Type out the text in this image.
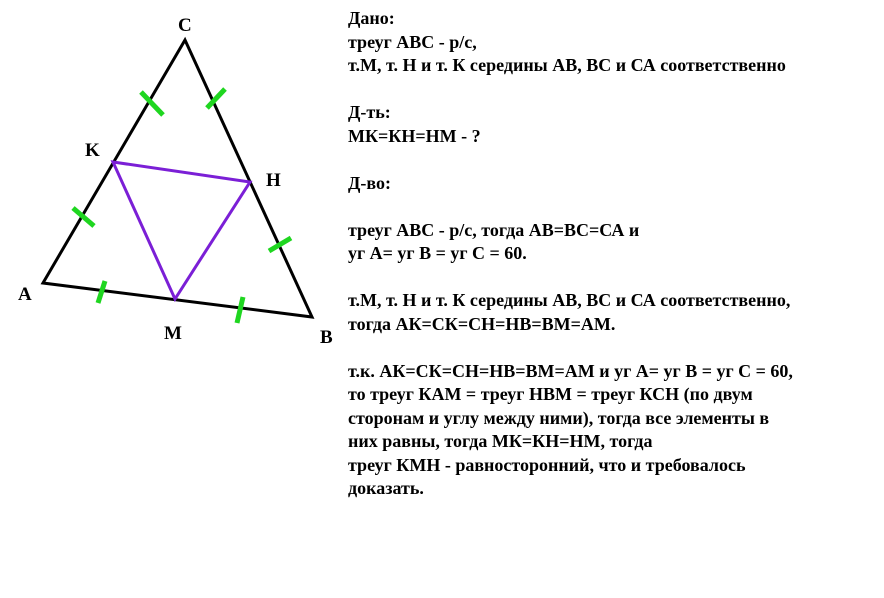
C
K
H
A
M	B
Дано:
треуг АВС - р/с,
т.М, т. Н и т. К середины АВ, ВС и СА соответственно
Д-ть:
МК=КН=НМ - ?
Д-во:
треуг АВС - р/с, тогда АВ=ВС=СА и
уг А= уг В = уг С = 60.
т.М, т. Н и т. К середины АВ, ВС и СА соответственно,
тогда АК=СК=СН=НВ=ВМ=АМ.
т.к. АК=СК=СН=НВ=ВМ=АМ и уг А= уг В = уг С = 60,
то треуг КАМ = треуг НВМ = треуг КСН (по двум
сторонам и углу между ними), тогда все элементы в
них равны, тогда МК=КН=НМ, тогда
треуг КМН - равносторонний, что и требовалось
доказать.
